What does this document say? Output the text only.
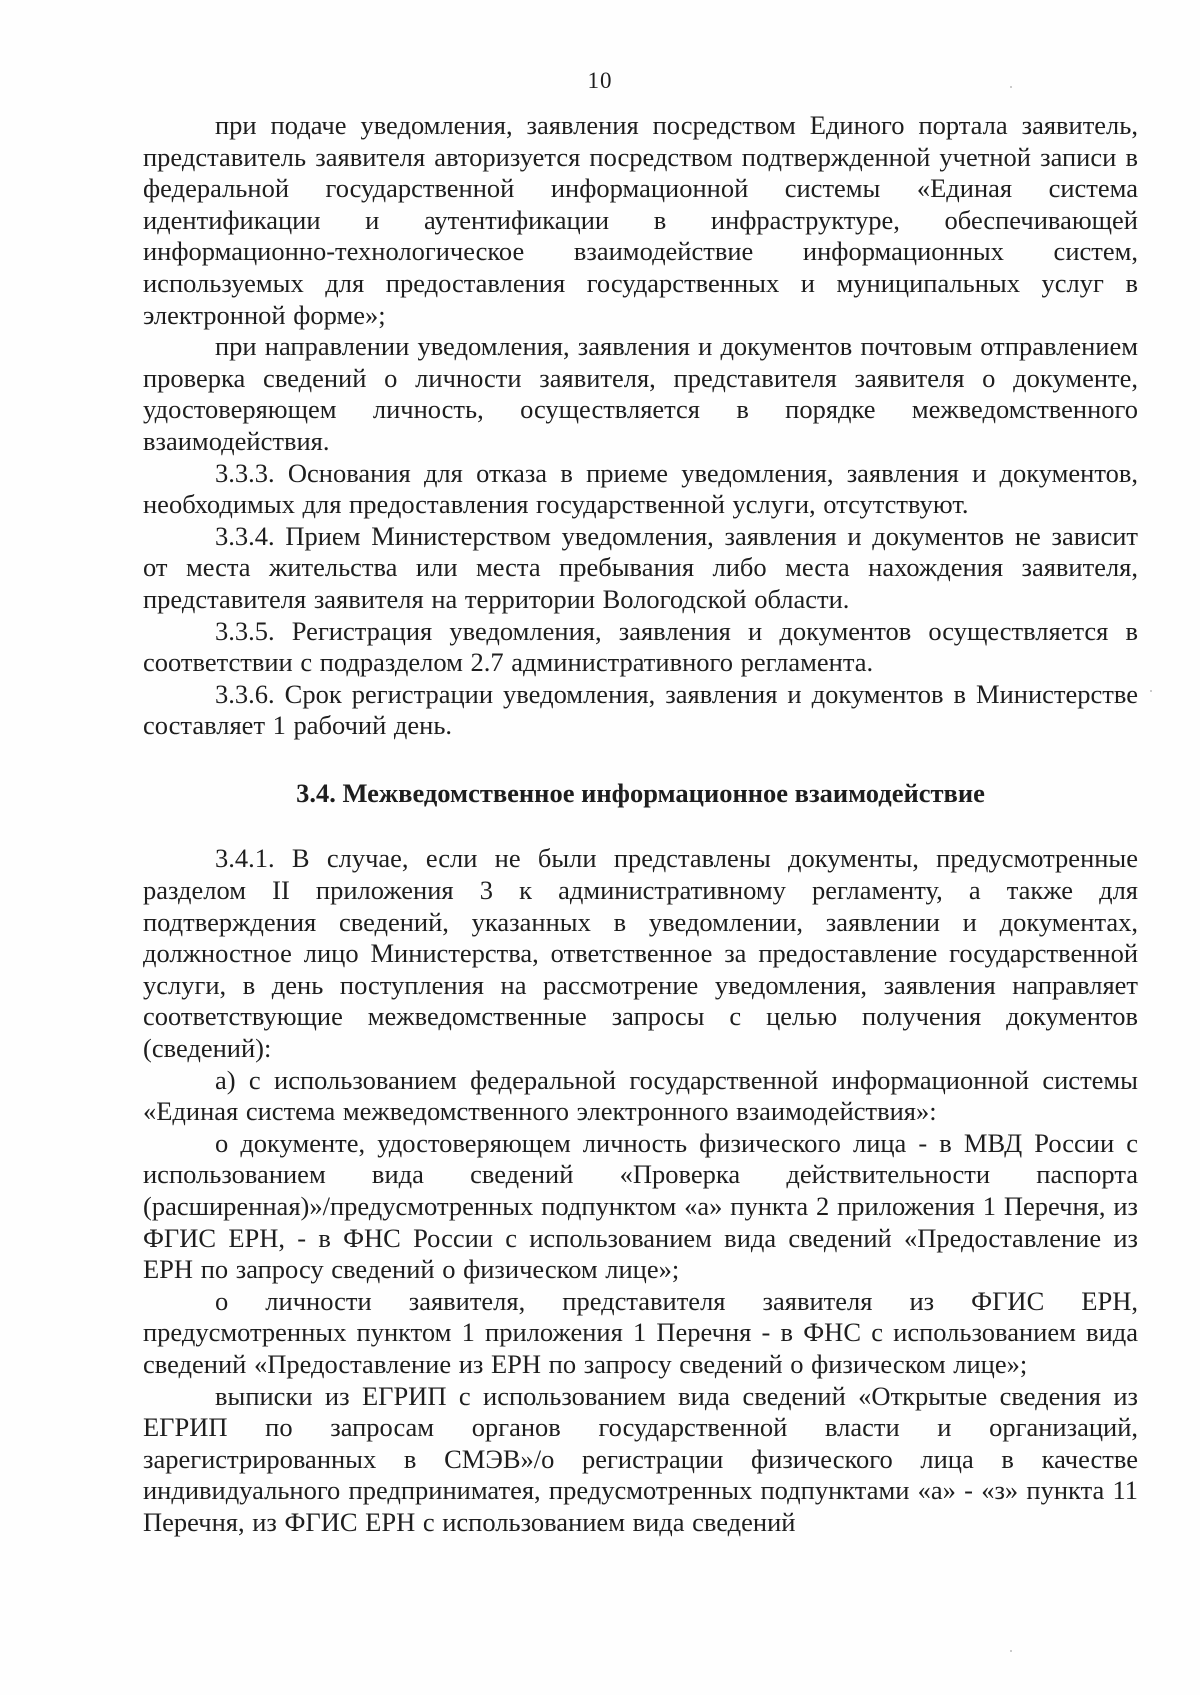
10

при подаче уведомления, заявления посредством Единого портала заявитель, представитель заявителя авторизуется посредством подтвержденной учетной записи в федеральной государственной информационной системы «Единая система идентификации и аутентификации в инфраструктуре, обеспечивающей информационно-технологическое взаимодействие информационных систем, используемых для предоставления государственных и муниципальных услуг в электронной форме»;

при направлении уведомления, заявления и документов почтовым отправлением проверка сведений о личности заявителя, представителя заявителя о документе, удостоверяющем личность, осуществляется в порядке межведомственного взаимодействия.

3.3.3. Основания для отказа в приеме уведомления, заявления и документов, необходимых для предоставления государственной услуги, отсутствуют.

3.3.4. Прием Министерством уведомления, заявления и документов не зависит от места жительства или места пребывания либо места нахождения заявителя, представителя заявителя на территории Вологодской области.

3.3.5. Регистрация уведомления, заявления и документов осуществляется в соответствии с подразделом 2.7 административного регламента.

3.3.6. Срок регистрации уведомления, заявления и документов в Министерстве составляет 1 рабочий день.

3.4. Межведомственное информационное взаимодействие

3.4.1. В случае, если не были представлены документы, предусмотренные разделом II приложения 3 к административному регламенту, а также для подтверждения сведений, указанных в уведомлении, заявлении и документах, должностное лицо Министерства, ответственное за предоставление государственной услуги, в день поступления на рассмотрение уведомления, заявления направляет соответствующие межведомственные запросы с целью получения документов (сведений):

а) с использованием федеральной государственной информационной системы «Единая система межведомственного электронного взаимодействия»:

о документе, удостоверяющем личность физического лица - в МВД России с использованием вида сведений «Проверка действительности паспорта (расширенная)»/предусмотренных подпунктом «а» пункта 2 приложения 1 Перечня, из ФГИС ЕРН, - в ФНС России с использованием вида сведений «Предоставление из ЕРН по запросу сведений о физическом лице»;

о личности заявителя, представителя заявителя из ФГИС ЕРН, предусмотренных пунктом 1 приложения 1 Перечня - в ФНС с использованием вида сведений «Предоставление из ЕРН по запросу сведений о физическом лице»;

выписки из ЕГРИП с использованием вида сведений «Открытые сведения из ЕГРИП по запросам органов государственной власти и организаций, зарегистрированных в СМЭВ»/о регистрации физического лица в качестве индивидуального предприниматея, предусмотренных подпунктами «а» - «з» пункта 11 Перечня, из ФГИС ЕРН с использованием вида сведений
